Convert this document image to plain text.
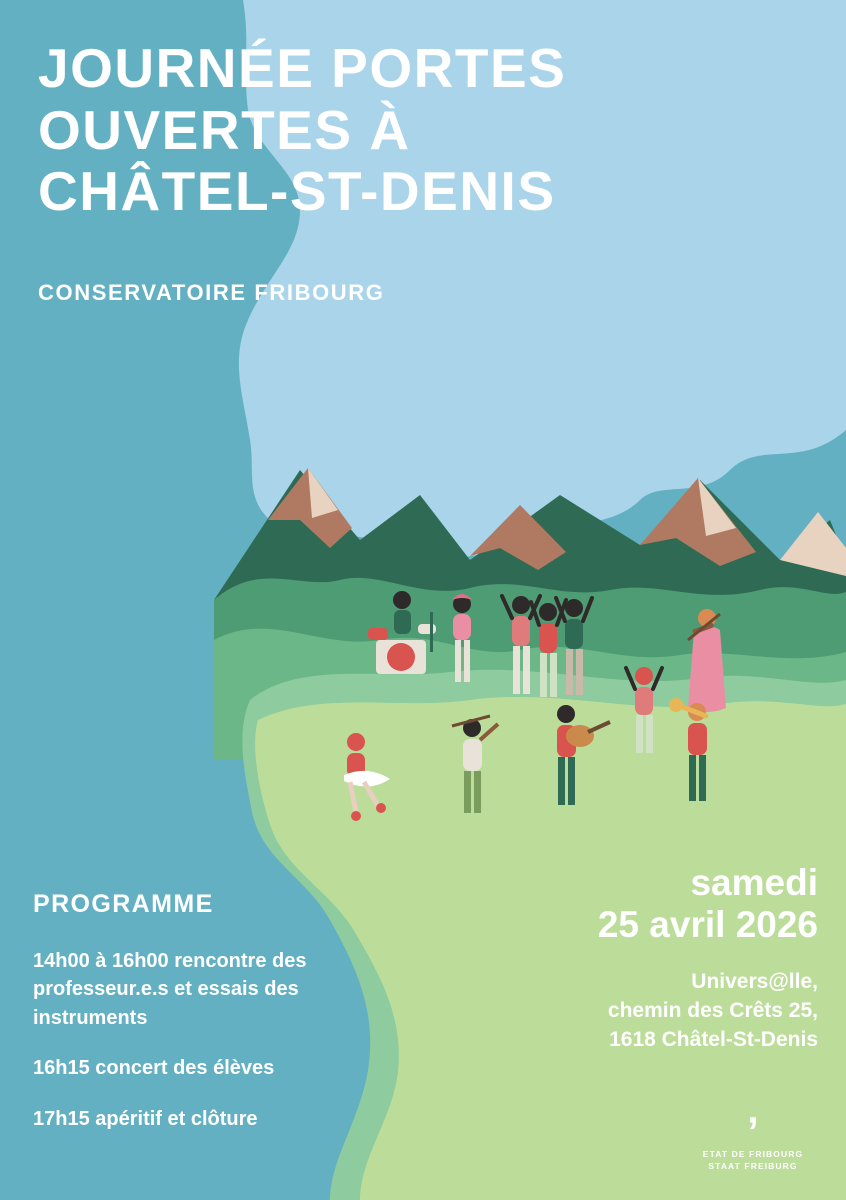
JOURNÉE PORTES OUVERTES À CHÂTEL-ST-DENIS
CONSERVATOIRE FRIBOURG
PROGRAMME
14h00 à 16h00 rencontre des professeur.e.s et essais des instruments
16h15 concert des élèves
17h15 apéritif et clôture
samedi
25 avril 2026
Univers@lle,
chemin des Crêts 25,
1618 Châtel-St-Denis
’
ETAT DE FRIBOURG
STAAT FREIBURG
